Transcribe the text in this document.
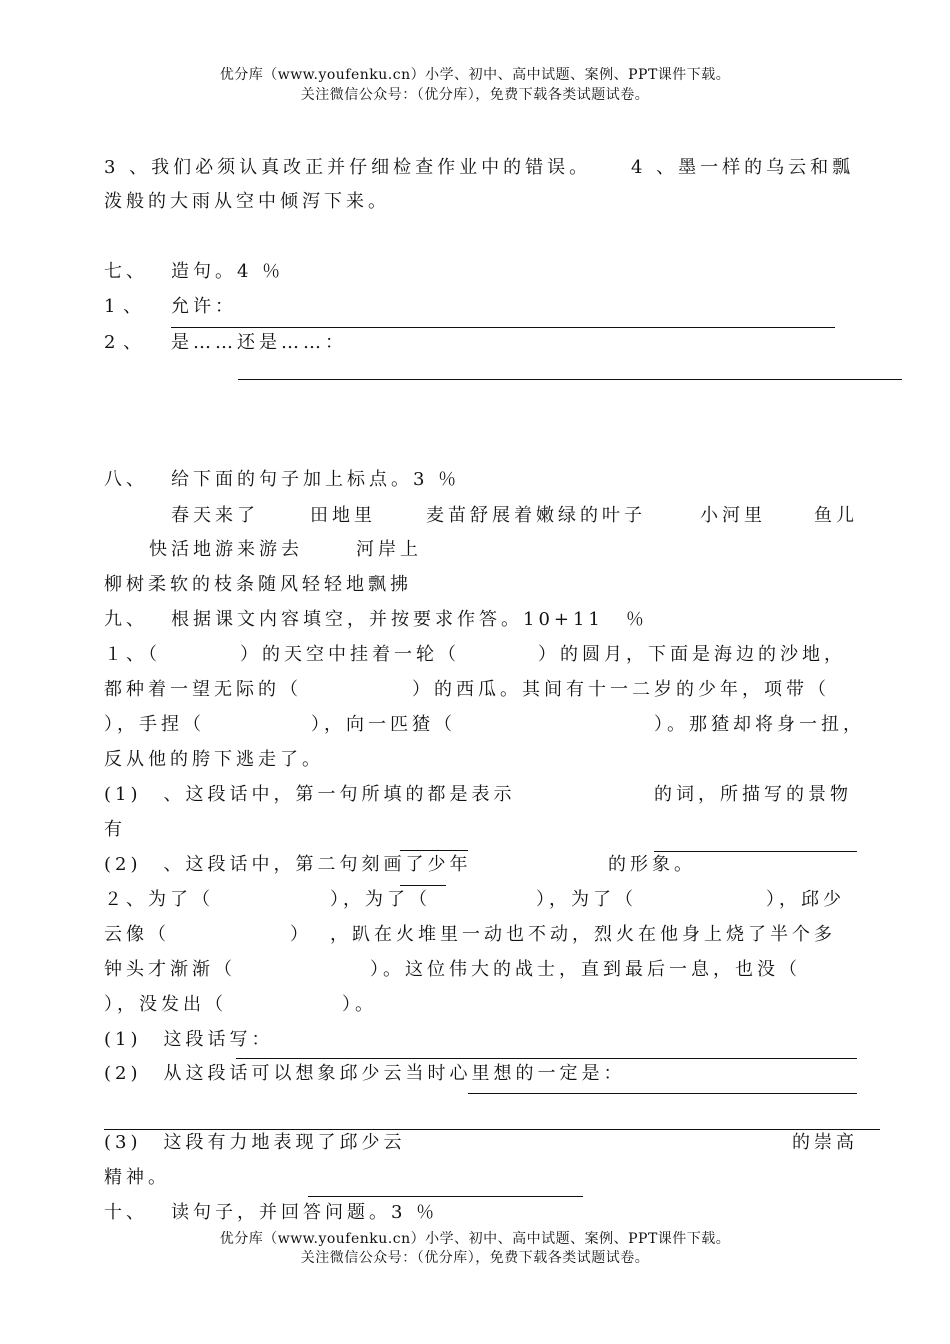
优分库（www.youfenku.cn）小学、初中、高中试题、案例、PPT课件下载。
关注微信公众号：（优分库），免费下载各类试题试卷。
3 、我们必须认真改正并仔细检查作业中的错误。 4 、墨一样的乌云和瓢
泼般的大雨从空中倾泻下来。
七、 造句。4 ％
1 、 允许：
2 、 是……还是……：
八、 给下面的句子加上标点。3 ％
春天来了	田地里	麦苗舒展着嫩绿的叶子	小河里	鱼儿
快活地游来游去	河岸上
柳树柔软的枝条随风轻轻地飘拂
九、 根据课文内容填空，并按要求作答。10+11　％
１、（	）的天空中挂着一轮（	）的圆月，下面是海边的沙地，
都种着一望无际的（	）的西瓜。其间有十一二岁的少年，项带（
），手捏（	），向一匹猹（	）。那猹却将身一扭，
反从他的胯下逃走了。
(1)　、这段话中，第一句所填的都是表示	的词，所描写的景物
有
(2)　、这段话中，第二句刻画了少年	的形象。
２、为了（	），为了（	），为了（	），邱少
云像（	） ，趴在火堆里一动也不动，烈火在他身上烧了半个多
钟头才渐渐（	）。这位伟大的战士，直到最后一息，也没（
），没发出（	）。
(1)　这段话写：
(2)　从这段话可以想象邱少云当时心里想的一定是：
(3)　这段有力地表现了邱少云	的崇高
精神。
十、 读句子，并回答问题。3 ％
优分库（www.youfenku.cn）小学、初中、高中试题、案例、PPT课件下载。
关注微信公众号：（优分库），免费下载各类试题试卷。
